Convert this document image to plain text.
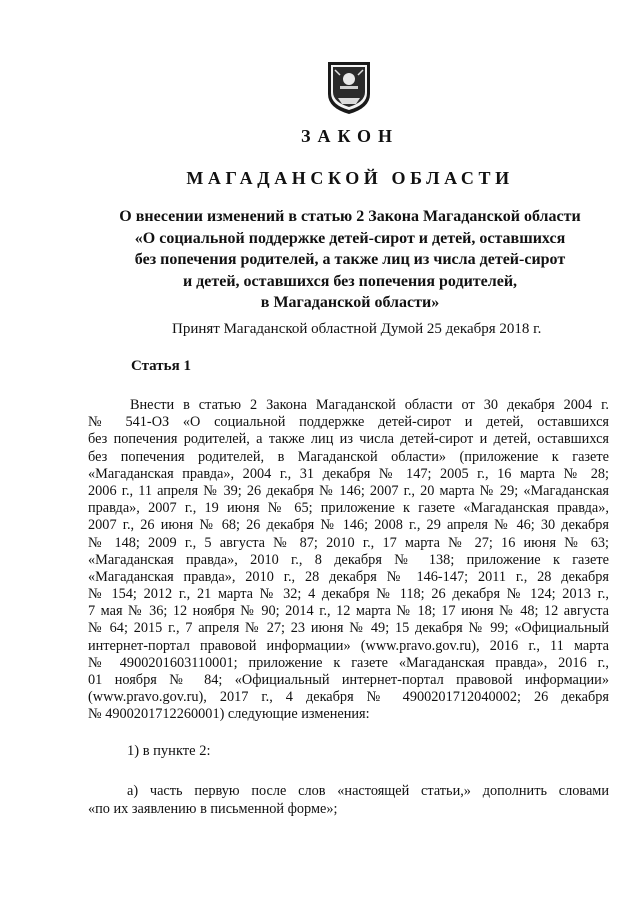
ЗАКОН
МАГАДАНСКОЙ ОБЛАСТИ
О внесении изменений в статью 2 Закона Магаданской области
«О социальной поддержке детей-сирот и детей, оставшихся
без попечения родителей, а также лиц из числа детей-сирот
и детей, оставшихся без попечения родителей,
в Магаданской области»
Принят Магаданской областной Думой 25 декабря 2018 г.
Статья 1
Внести в статью 2 Закона Магаданской области от 30 декабря 2004 г.
№ 541-ОЗ «О социальной поддержке детей-сирот и детей, оставшихся
без попечения родителей, а также лиц из числа детей-сирот и детей, оставшихся
без попечения родителей, в Магаданской области» (приложение к газете
«Магаданская правда», 2004 г., 31 декабря № 147; 2005 г., 16 марта № 28;
2006 г., 11 апреля № 39; 26 декабря № 146; 2007 г., 20 марта № 29; «Магаданская
правда», 2007 г., 19 июня № 65; приложение к газете «Магаданская правда»,
2007 г., 26 июня № 68; 26 декабря № 146; 2008 г., 29 апреля № 46; 30 декабря
№ 148; 2009 г., 5 августа № 87; 2010 г., 17 марта № 27; 16 июня № 63;
«Магаданская правда», 2010 г., 8 декабря № 138; приложение к газете
«Магаданская правда», 2010 г., 28 декабря № 146-147; 2011 г., 28 декабря
№ 154; 2012 г., 21 марта № 32; 4 декабря № 118; 26 декабря № 124; 2013 г.,
7 мая № 36; 12 ноября № 90; 2014 г., 12 марта № 18; 17 июня № 48; 12 августа
№ 64; 2015 г., 7 апреля № 27; 23 июня № 49; 15 декабря № 99; «Официальный
интернет-портал правовой информации» (www.pravo.gov.ru), 2016 г., 11 марта
№ 4900201603110001; приложение к газете «Магаданская правда», 2016 г.,
01 ноября № 84; «Официальный интернет-портал правовой информации»
(www.pravo.gov.ru), 2017 г., 4 декабря № 4900201712040002; 26 декабря
№ 4900201712260001) следующие изменения:
1) в пункте 2:
а) часть первую после слов «настоящей статьи,» дополнить словами
«по их заявлению в письменной форме»;
